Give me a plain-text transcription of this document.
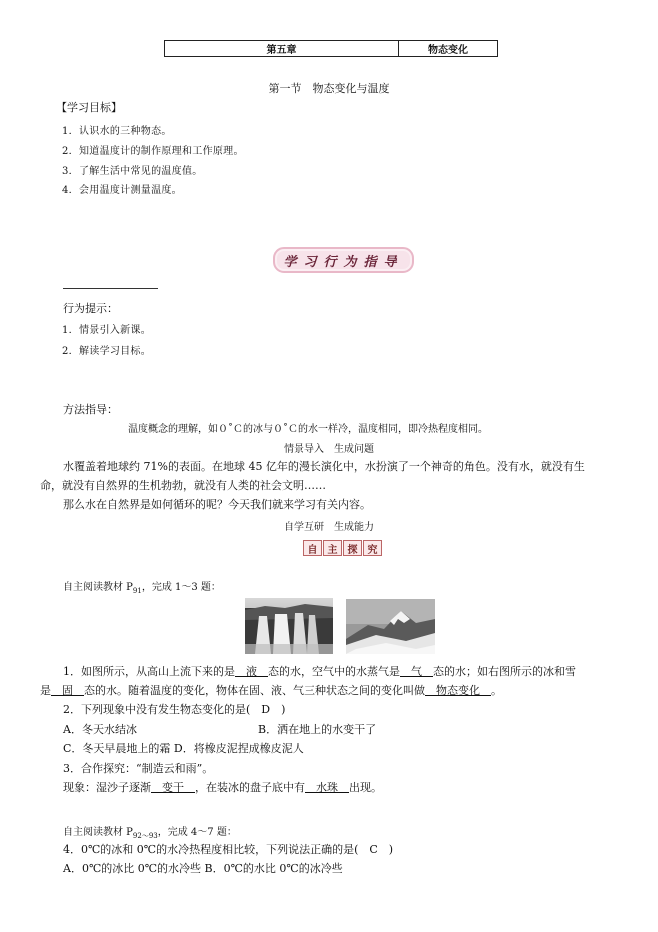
第五章	物态变化
第一节　物态变化与温度
【学习目标】
1．认识水的三种物态。
2．知道温度计的制作原理和工作原理。
3．了解生活中常见的温度值。
4．会用温度计测量温度。
学习行为指导
行为提示：
1．情景引入新课。
2．解读学习目标。
方法指导：
温度概念的理解，如０˚Ｃ的冰与０˚Ｃ的水一样冷，温度相同，即冷热程度相同。
情景导入　生成问题
水覆盖着地球约 71%的表面。在地球 45 亿年的漫长演化中，水扮演了一个神奇的角色。没有水，就没有生
命，就没有自然界的生机勃勃，就没有人类的社会文明……
那么水在自然界是如何循环的呢？今天我们就来学习有关内容。
自学互研　生成能力
自	主	探	究
自主阅读教材 $P_{91}$，完成 1～3 题：
1．如图所示，从高山上流下来的是　液　态的水，空气中的水蒸气是　气　态的水；如右图所示的冰和雪
是　固　态的水。随着温度的变化，物体在固、液、气三种状态之间的变化叫做　物态变化　。
2．下列现象中没有发生物态变化的是(　D　)
A．冬天水结冰	B．洒在地上的水变干了
C．冬天早晨地上的霜 D．将橡皮泥捏成橡皮泥人
3．合作探究：“制造云和雨”。
现象：湿沙子逐渐　变干　，在装冰的盘子底中有　水珠　出现。
自主阅读教材 $P_{92\sim 93}$，完成 4～7 题：
4．0℃的冰和 0℃的水冷热程度相比较，下列说法正确的是(　C　)
A．0℃的冰比 0℃的水冷些 B．0℃的水比 0℃的冰冷些
